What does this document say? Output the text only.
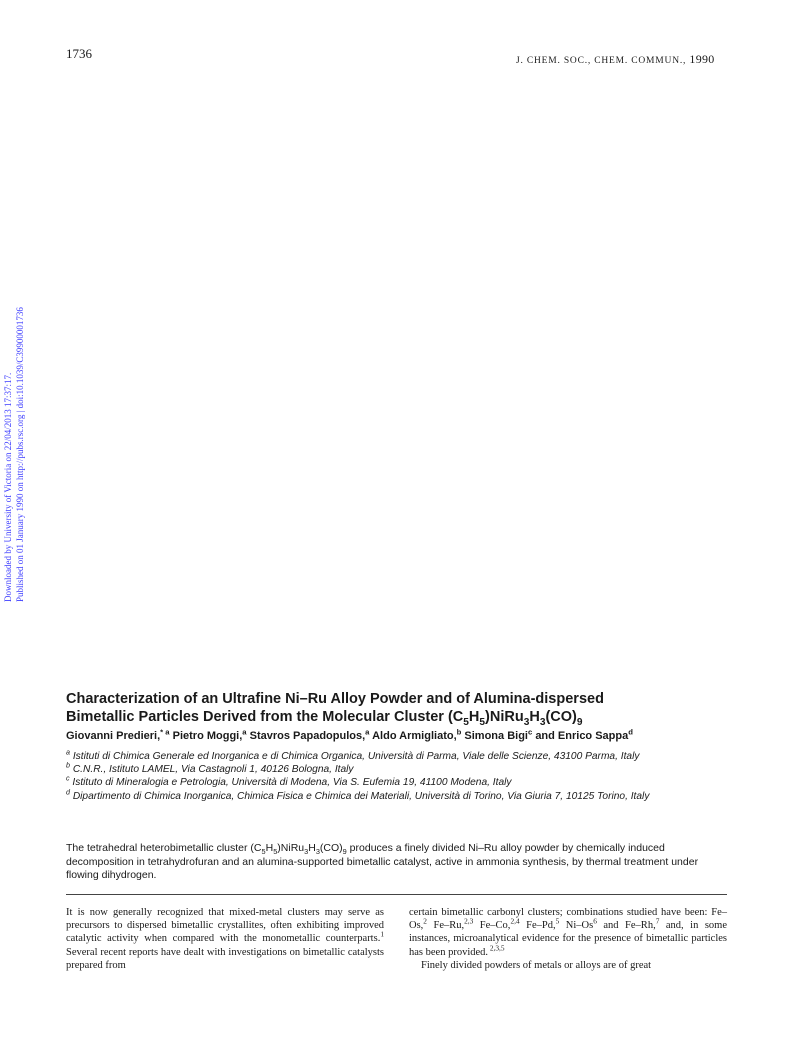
1736	J. CHEM. SOC., CHEM. COMMUN., 1990
Downloaded by University of Victoria on 22/04/2013 17:37:17. Published on 01 January 1990 on http://pubs.rsc.org | doi:10.1039/C39900001736
Characterization of an Ultrafine Ni–Ru Alloy Powder and of Alumina-dispersed
Bimetallic Particles Derived from the Molecular Cluster $(C_5H_5)NiRu_3H_3(CO)_9$
Giovanni Predieri,$^{* a}$ Pietro Moggi,$^a$ Stavros Papadopulos,$^a$ Aldo Armigliato,$^b$ Simona Bigi$^c$ and Enrico Sappa$^d$
$^a$ Istituti di Chimica Generale ed Inorganica e di Chimica Organica, Università di Parma, Viale delle Scienze, 43100 Parma, Italy
$^b$ C.N.R., Istituto LAMEL, Via Castagnoli 1, 40126 Bologna, Italy
$^c$ Istituto di Mineralogia e Petrologia, Università di Modena, Via S. Eufemia 19, 41100 Modena, Italy
$^d$ Dipartimento di Chimica Inorganica, Chimica Fisica e Chimica dei Materiali, Università di Torino, Via Giuria 7, 10125 Torino, Italy
The tetrahedral heterobimetallic cluster $(C_5H_5)NiRu_3H_3(CO)_9$ produces a finely divided Ni–Ru alloy powder by chemically induced decomposition in tetrahydrofuran and an alumina-supported bimetallic catalyst, active in ammonia synthesis, by thermal treatment under flowing dihydrogen.
It is now generally recognized that mixed-metal clusters may serve as precursors to dispersed bimetallic crystallites, often exhibiting improved catalytic activity when compared with the monometallic counterparts.$^1$ Several recent reports have dealt with investigations on bimetallic catalysts prepared from
certain bimetallic carbonyl clusters; combinations studied have been: Fe–Os,$^2$ Fe–Ru,$^{2,3}$ Fe–Co,$^{2,4}$ Fe–Pd,$^5$ Ni–Os$^6$ and Fe–Rh,$^7$ and, in some instances, microanalytical evidence for the presence of bimetallic particles has been provided. $^{2,3,5}$
Finely divided powders of metals or alloys are of great
